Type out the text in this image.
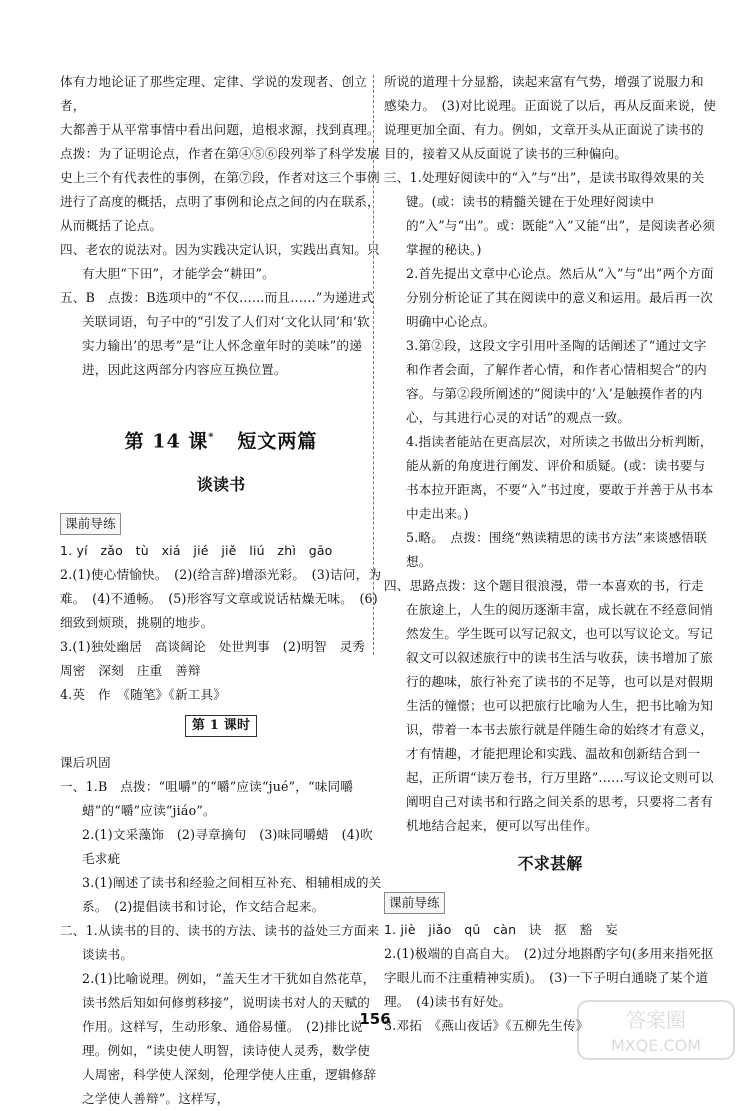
体有力地论证了那些定理、定律、学说的发现者、创立者，

大都善于从平常事情中看出问题，追根求源，找到真理。

点拨：为了证明论点，作者在第④⑤⑥段列举了科学发展史上三个有代表性的事例，在第⑦段，作者对这三个事例进行了高度的概括，点明了事例和论点之间的内在联系，从而概括了论点。

四、老农的说法对。因为实践决定认识，实践出真知。只有大胆“下田”，才能学会“耕田”。

五、B　点拨：B选项中的“不仅……而且……”为递进式关联词语，句子中的“引发了人们对‘文化认同’和‘软实力输出’的思考”是“让人怀念童年时的美味”的递进，因此这两部分内容应互换位置。

第 14 课* 短文两篇
谈读书
课前导练

1. yí　zǎo　tù　xiá　jié　jiě　liú　zhì　gāo

2.(1)使心情愉快。　(2)(给言辞)增添光彩。　(3)诘问，为难。　(4)不通畅。　(5)形容写文章或说话枯燥无味。　(6)细致到烦琐，挑剔的地步。

3.(1)独处幽居　高谈阔论　处世判事　(2)明智　灵秀　周密　深刻　庄重　善辩

4.英　作　《随笔》《新工具》

第 1 课时
课后巩固

一、1.B　点拨：“咀嚼”的“嚼”应读“jué”，“味同嚼蜡”的“嚼”应读“jiáo”。

2.(1)文采藻饰　(2)寻章摘句　(3)味同嚼蜡　(4)吹毛求疵

3.(1)阐述了读书和经验之间相互补充、相辅相成的关系。　(2)提倡读书和讨论，作文结合起来。

二、1.从读书的目的、读书的方法、读书的益处三方面来谈读书。

2.(1)比喻说理。例如，“盖天生才干犹如自然花草，读书然后知如何修剪移接”，说明读书对人的天赋的作用。这样写，生动形象、通俗易懂。　(2)排比说理。例如，“读史使人明智，读诗使人灵秀，数学使人周密，科学使人深刻，伦理学使人庄重，逻辑修辞之学使人善辩”。这样写，

所说的道理十分显豁，读起来富有气势，增强了说服力和感染力。　(3)对比说理。正面说了以后，再从反面来说，使说理更加全面、有力。例如，文章开头从正面说了读书的目的，接着又从反面说了读书的三种偏向。

三、1.处理好阅读中的“入”与“出”，是读书取得效果的关键。(或：读书的精髓关键在于处理好阅读中的“入”与“出”。或：既能“入”又能“出”，是阅读者必须掌握的秘诀。)

2.首先提出文章中心论点。然后从“入”与“出”两个方面分别分析论证了其在阅读中的意义和运用。最后再一次明确中心论点。

3.第②段，这段文字引用叶圣陶的话阐述了“通过文字和作者会面，了解作者心情，和作者心情相契合”的内容。与第②段所阐述的“阅读中的‘入’是触摸作者的内心，与其进行心灵的对话”的观点一致。

4.指读者能站在更高层次，对所读之书做出分析判断，能从新的角度进行阐发、评价和质疑。(或：读书要与书本拉开距离，不要“入”书过度，要敢于并善于从书本中走出来。)

5.略。　点拨：围绕“熟读精思的读书方法”来谈感悟联想。

四、思路点拨：这个题目很浪漫，带一本喜欢的书，行走在旅途上，人生的阅历逐渐丰富，成长就在不经意间悄然发生。学生既可以写记叙文，也可以写议论文。写记叙文可以叙述旅行中的读书生活与收获，读书增加了旅行的趣味，旅行补充了读书的不足等，也可以是对假期生活的憧憬；也可以把旅行比喻为人生，把书比喻为知识，带着一本书去旅行就是伴随生命的始终才有意义，才有情趣，才能把理论和实践、温故和创新结合到一起，正所谓“读万卷书，行万里路”……写议论文则可以阐明自己对读书和行路之间关系的思考，只要将二者有机地结合起来，便可以写出佳作。

不求甚解
课前导练

1. jiè　jiǎo　qū　càn　诀　抠　豁　妄

2.(1)极端的自高自大。　(2)过分地斟酌字句(多用来指死抠字眼儿而不注重精神实质)。　(3)一下子明白通晓了某个道理。　(4)读书有好处。

3.邓拓　《燕山夜话》《五柳先生传》

156	答案圈
MXQE.COM
